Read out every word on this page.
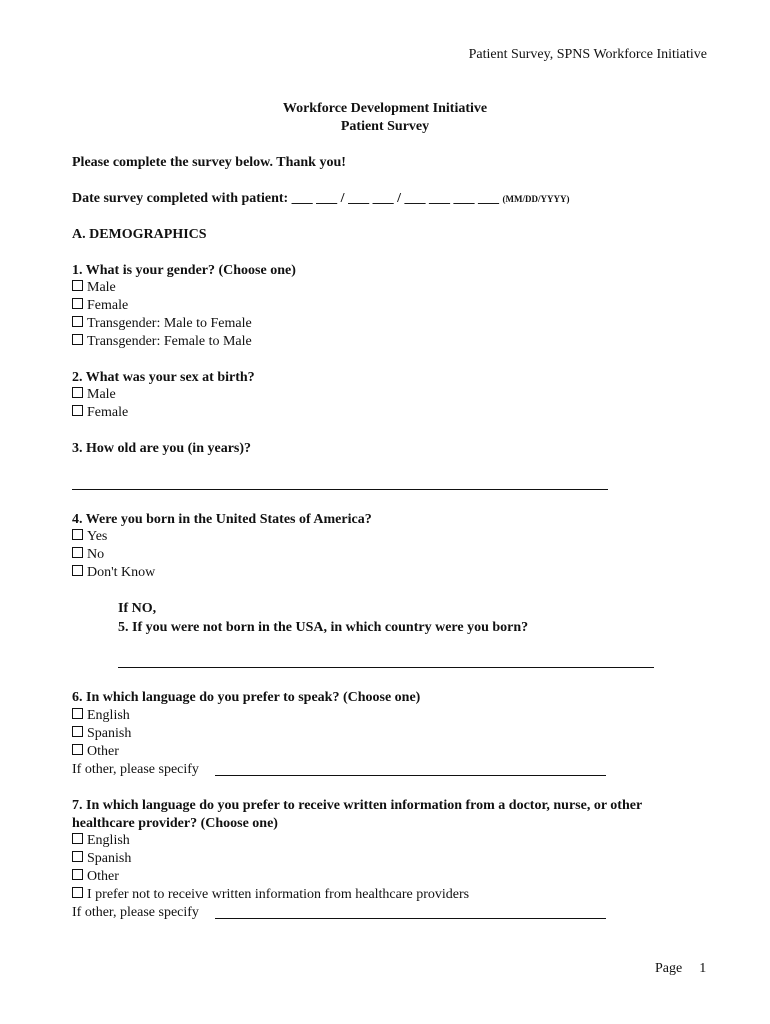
Patient Survey, SPNS Workforce Initiative
Workforce Development Initiative
Patient Survey
Please complete the survey below. Thank you!
Date survey completed with patient: ___ ___ / ___ ___ / ___ ___ ___ ___ (MM/DD/YYYY)
A. DEMOGRAPHICS
1. What is your gender? (Choose one)
Male
Female
Transgender: Male to Female
Transgender: Female to Male
2. What was your sex at birth?
Male
Female
3. How old are you (in years)?
4. Were you born in the United States of America?
Yes
No
Don't Know
If NO,
5. If you were not born in the USA, in which country were you born?
6. In which language do you prefer to speak? (Choose one)
English
Spanish
Other
If other, please specify
7. In which language do you prefer to receive written information from a doctor, nurse, or other
healthcare provider? (Choose one)
English
Spanish
Other
I prefer not to receive written information from healthcare providers
If other, please specify
Page 1
